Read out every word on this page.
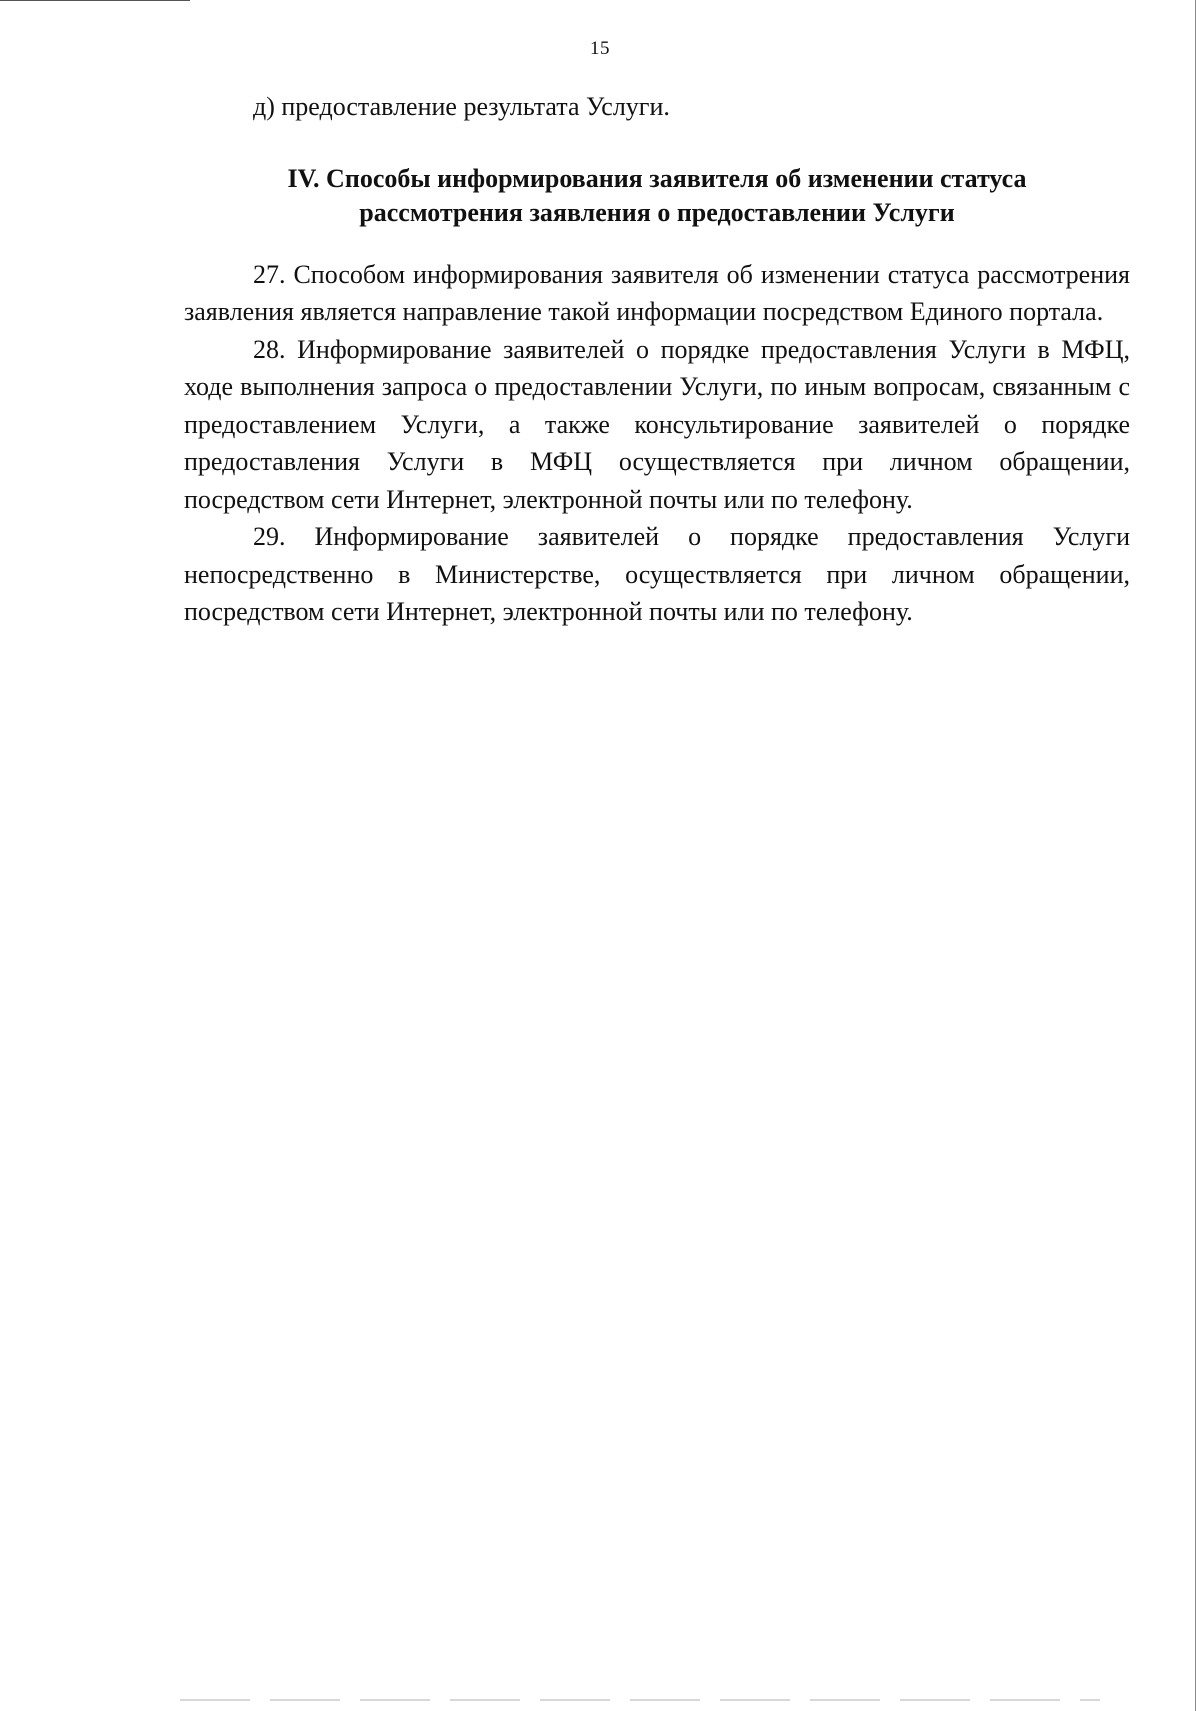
15

д) предоставление результата Услуги.

IV. Способы информирования заявителя об изменении статуса
рассмотрения заявления о предоставлении Услуги

27. Способом информирования заявителя об изменении статуса рассмотрения заявления является направление такой информации посредством Единого портала.

28. Информирование заявителей о порядке предоставления Услуги в МФЦ, ходе выполнения запроса о предоставлении Услуги, по иным вопросам, связанным с предоставлением Услуги, а также консультирование заявителей о порядке предоставления Услуги в МФЦ осуществляется при личном обращении, посредством сети Интернет, электронной почты или по телефону.

29. Информирование заявителей о порядке предоставления Услуги непосредственно в Министерстве, осуществляется при личном обращении, посредством сети Интернет, электронной почты или по телефону.
